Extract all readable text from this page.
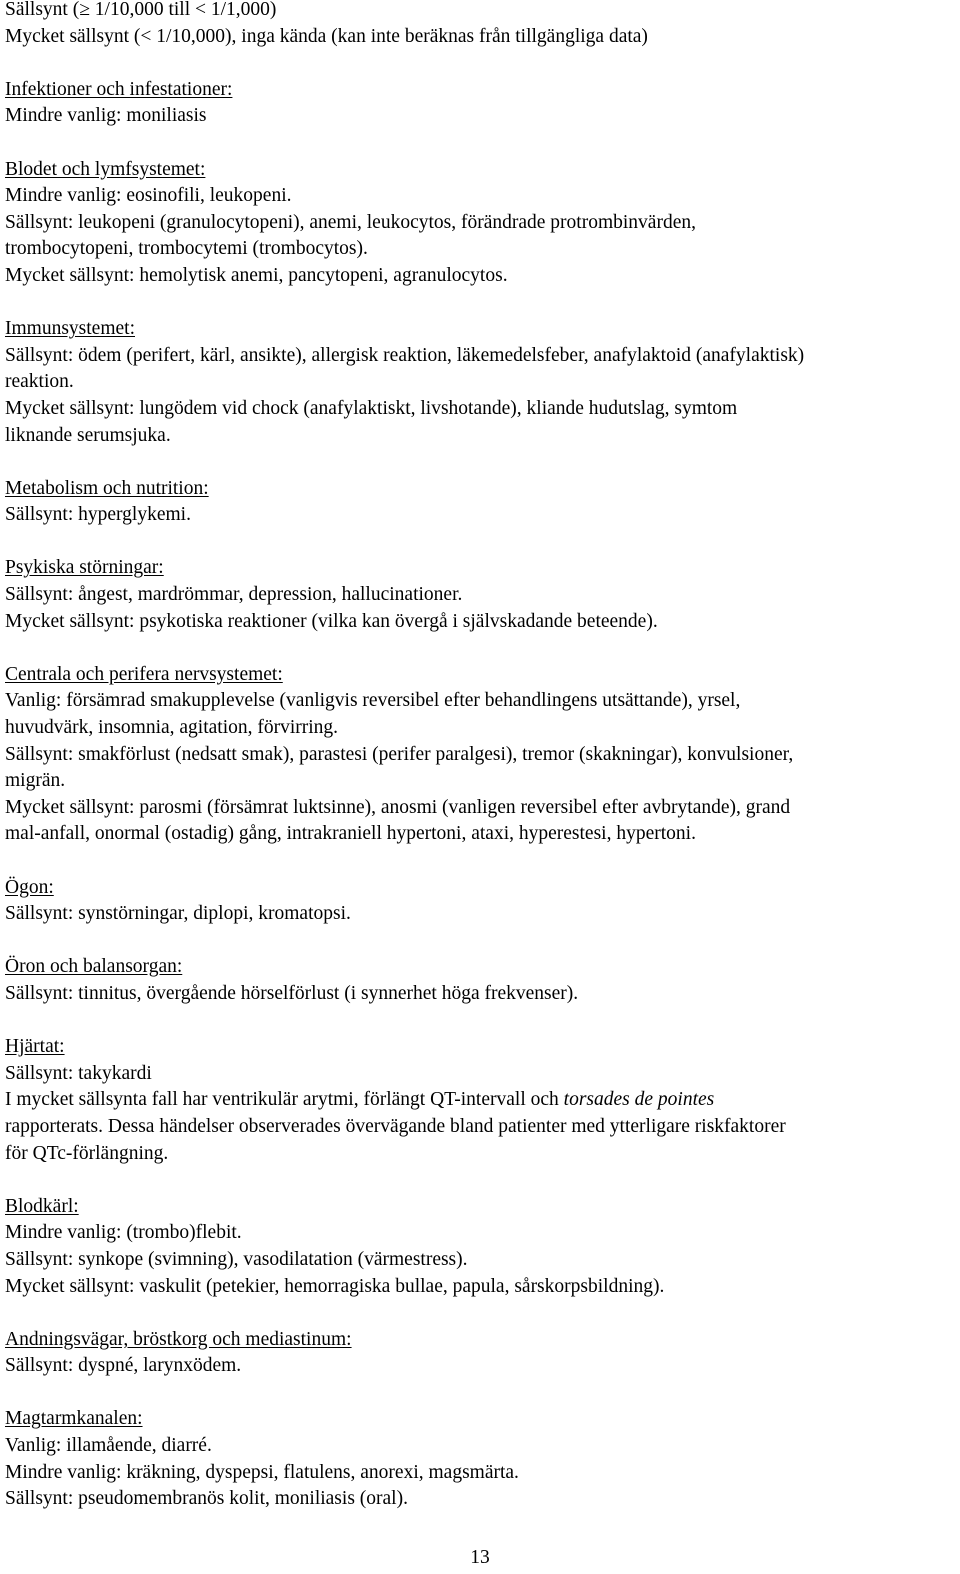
Sällsynt (≥ 1/10,000 till < 1/1,000)
Mycket sällsynt (< 1/10,000), inga kända (kan inte beräknas från tillgängliga data)
Infektioner och infestationer:
Mindre vanlig: moniliasis
Blodet och lymfsystemet:
Mindre vanlig: eosinofili, leukopeni.
Sällsynt: leukopeni (granulocytopeni), anemi, leukocytos, förändrade protrombinvärden,
trombocytopeni, trombocytemi (trombocytos).
Mycket sällsynt: hemolytisk anemi, pancytopeni, agranulocytos.
Immunsystemet:
Sällsynt: ödem (perifert, kärl, ansikte), allergisk reaktion, läkemedelsfeber, anafylaktoid (anafylaktisk)
reaktion.
Mycket sällsynt: lungödem vid chock (anafylaktiskt, livshotande), kliande hudutslag, symtom
liknande serumsjuka.
Metabolism och nutrition:
Sällsynt: hyperglykemi.
Psykiska störningar:
Sällsynt: ångest, mardrömmar, depression, hallucinationer.
Mycket sällsynt: psykotiska reaktioner (vilka kan övergå i självskadande beteende).
Centrala och perifera nervsystemet:
Vanlig: försämrad smakupplevelse (vanligvis reversibel efter behandlingens utsättande), yrsel,
huvudvärk, insomnia, agitation, förvirring.
Sällsynt: smakförlust (nedsatt smak), parastesi (perifer paralgesi), tremor (skakningar), konvulsioner,
migrän.
Mycket sällsynt: parosmi (försämrat luktsinne), anosmi (vanligen reversibel efter avbrytande), grand
mal-anfall, onormal (ostadig) gång, intrakraniell hypertoni, ataxi, hyperestesi, hypertoni.
Ögon:
Sällsynt: synstörningar, diplopi, kromatopsi.
Öron och balansorgan:
Sällsynt: tinnitus, övergående hörselförlust (i synnerhet höga frekvenser).
Hjärtat:
Sällsynt: takykardi
I mycket sällsynta fall har ventrikulär arytmi, förlängt QT-intervall och torsades de pointes
rapporterats. Dessa händelser observerades övervägande bland patienter med ytterligare riskfaktorer
för QTc-förlängning.
Blodkärl:
Mindre vanlig: (trombo)flebit.
Sällsynt: synkope (svimning), vasodilatation (värmestress).
Mycket sällsynt: vaskulit (petekier, hemorragiska bullae, papula, sårskorpsbildning).
Andningsvägar, bröstkorg och mediastinum:
Sällsynt: dyspné, larynxödem.
Magtarmkanalen:
Vanlig: illamående, diarré.
Mindre vanlig: kräkning, dyspepsi, flatulens, anorexi, magsmärta.
Sällsynt: pseudomembranös kolit, moniliasis (oral).
13
